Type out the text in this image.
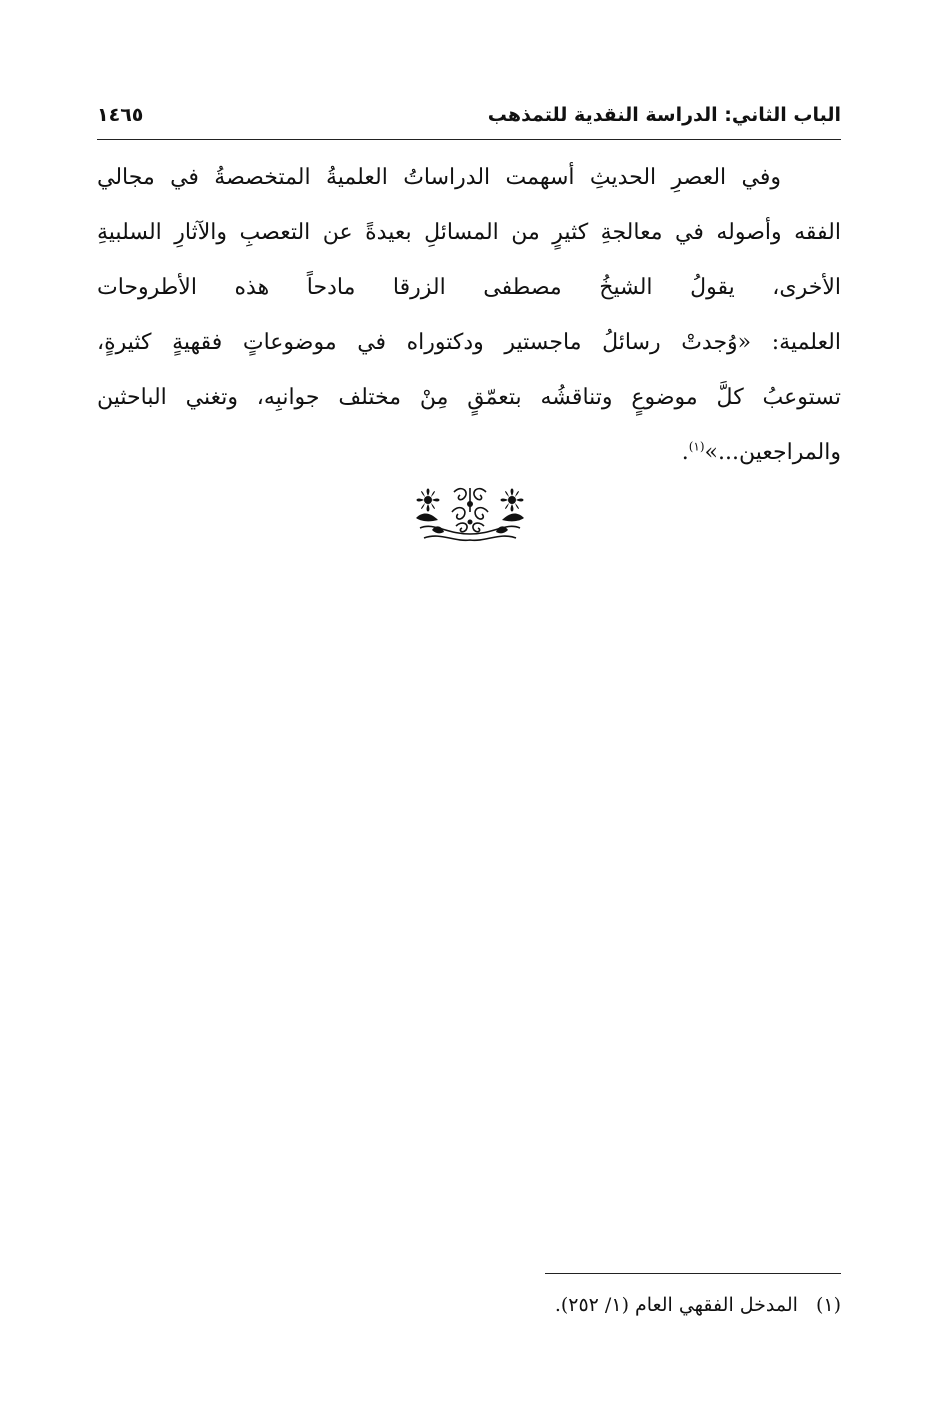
الباب الثاني: الدراسة النقدية للتمذهب
١٤٦٥
وفي العصرِ الحديثِ أسهمت الدراساتُ العلميةُ المتخصصةُ في مجالي
الفقه وأصوله في معالجةِ كثيرٍ من المسائلِ بعيدةً عن التعصبِ والآثارِ السلبيةِ
الأخرى، يقولُ الشيخُ مصطفى الزرقا مادحاً هذه الأطروحات
العلمية: «وُجدتْ رسائلُ ماجستير ودكتوراه في موضوعاتٍ فقهيةٍ كثيرةٍ،
تستوعبُ كلَّ موضوعٍ وتناقشُه بتعمّقٍ مِنْ مختلف جوانبِه، وتغني الباحثين
والمراجعين...»$^{(١)}$.
(١)المدخل الفقهي العام (١/ ٢٥٢).
